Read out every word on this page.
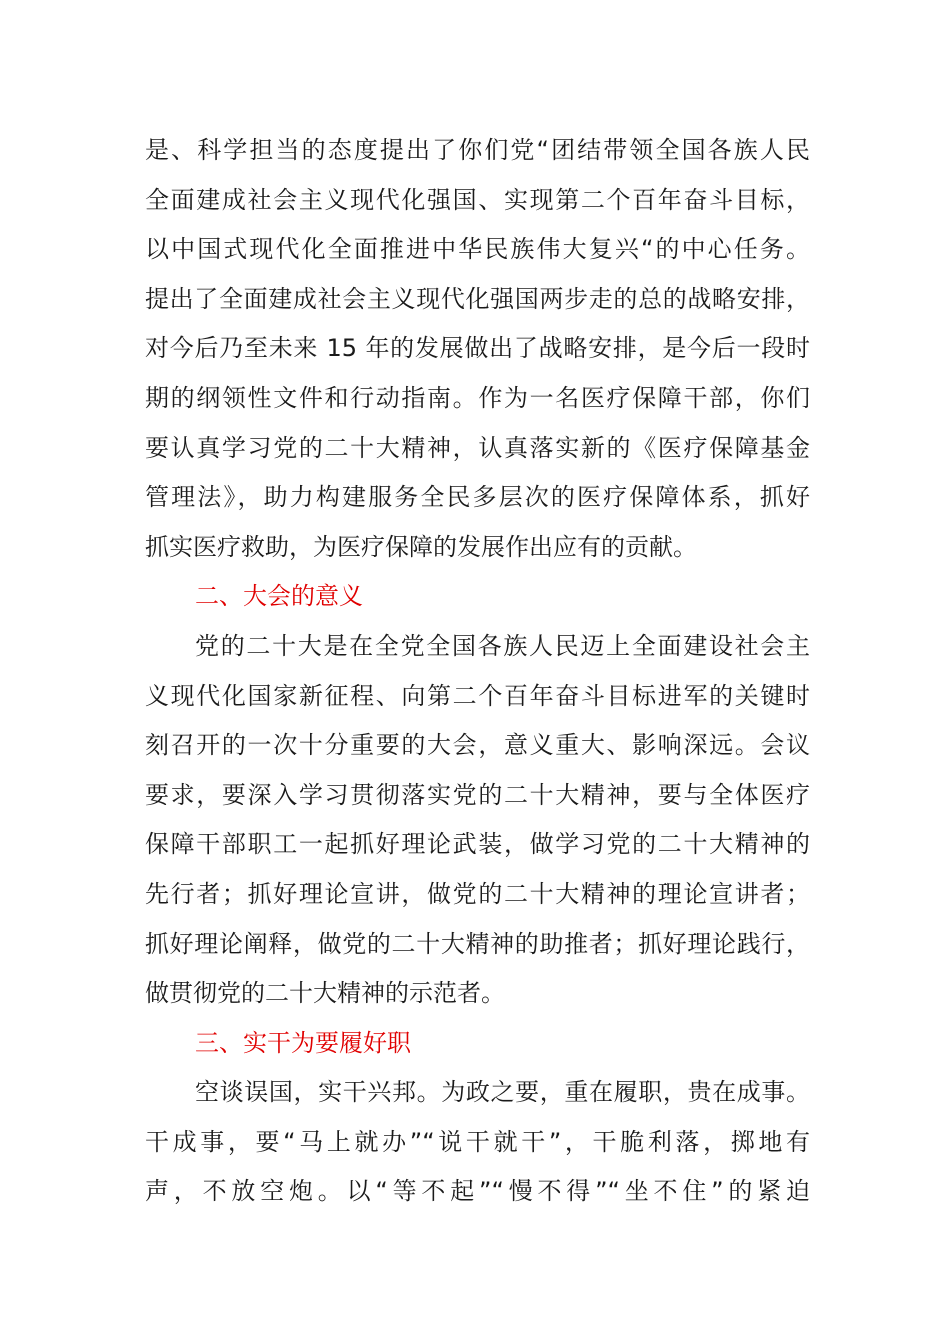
是、科学担当的态度提出了你们党“团结带领全国各族人民
全面建成社会主义现代化强国、实现第二个百年奋斗目标，
以中国式现代化全面推进中华民族伟大复兴“的中心任务。
提出了全面建成社会主义现代化强国两步走的总的战略安排，
对今后乃至未来 15 年的发展做出了战略安排，是今后一段时
期的纲领性文件和行动指南。作为一名医疗保障干部，你们
要认真学习党的二十大精神，认真落实新的《医疗保障基金
管理法》，助力构建服务全民多层次的医疗保障体系，抓好
抓实医疗救助，为医疗保障的发展作出应有的贡献。
二、大会的意义
党的二十大是在全党全国各族人民迈上全面建设社会主
义现代化国家新征程、向第二个百年奋斗目标进军的关键时
刻召开的一次十分重要的大会，意义重大、影响深远。会议
要求，要深入学习贯彻落实党的二十大精神，要与全体医疗
保障干部职工一起抓好理论武装，做学习党的二十大精神的
先行者；抓好理论宣讲，做党的二十大精神的理论宣讲者；
抓好理论阐释，做党的二十大精神的助推者；抓好理论践行，
做贯彻党的二十大精神的示范者。
三、实干为要履好职
空谈误国，实干兴邦。为政之要，重在履职，贵在成事。
干成事，要“马上就办”“说干就干”，干脆利落，掷地有
声，不放空炮。以“等不起”“慢不得”“坐不住”的紧迫
